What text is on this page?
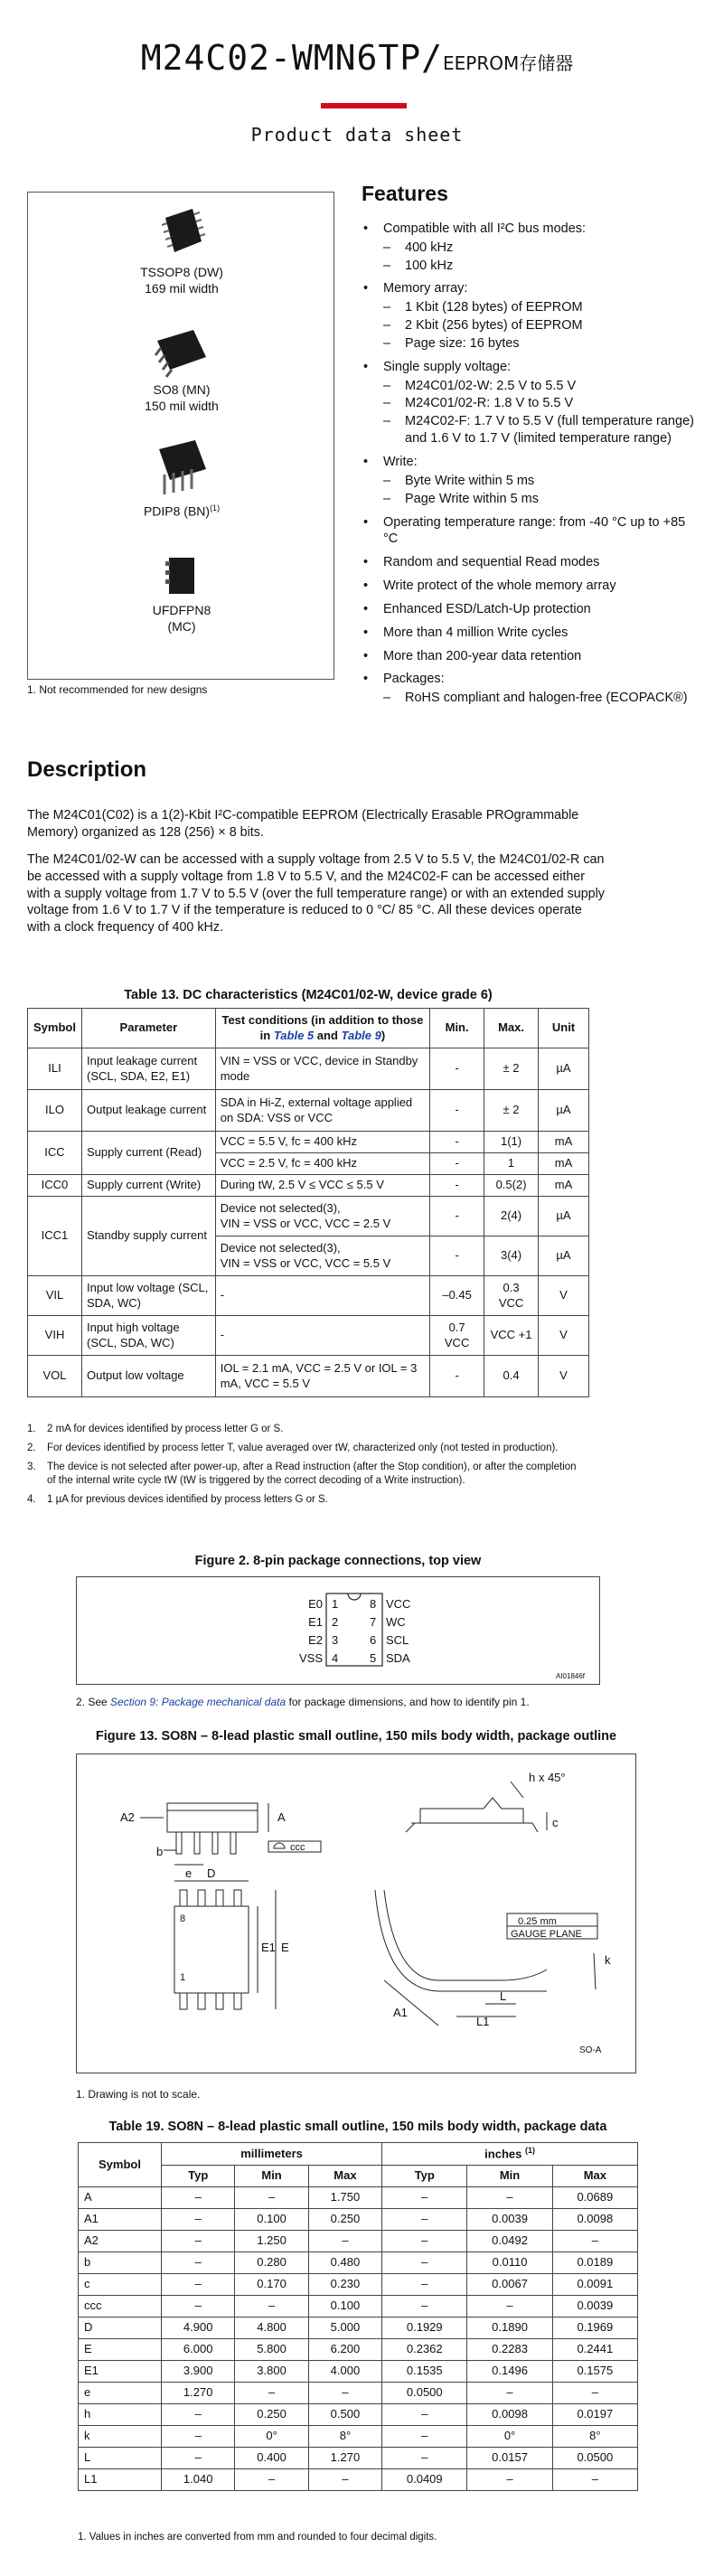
M24C02-WMN6TP/EEPROM存储器
Product data sheet
TSSOP8 (DW)
169 mil width
SO8 (MN)
150 mil width
PDIP8 (BN)$^{(1)}$
UFDFPN8
(MC)
1. Not recommended for new designs
Features
• Compatible with all I²C bus modes:
– 400 kHz
– 100 kHz
• Memory array:
– 1 Kbit (128 bytes) of EEPROM
– 2 Kbit (256 bytes) of EEPROM
– Page size: 16 bytes
• Single supply voltage:
– M24C01/02-W: 2.5 V to 5.5 V
– M24C01/02-R: 1.8 V to 5.5 V
– M24C02-F: 1.7 V to 5.5 V (full temperature range) and 1.6 V to 1.7 V (limited temperature range)
• Write:
– Byte Write within 5 ms
– Page Write within 5 ms
• Operating temperature range: from -40 °C up to +85 °C
• Random and sequential Read modes
• Write protect of the whole memory array
• Enhanced ESD/Latch-Up protection
• More than 4 million Write cycles
• More than 200-year data retention
• Packages:
– RoHS compliant and halogen-free (ECOPACK®)
Description

The M24C01(C02) is a 1(2)-Kbit I²C-compatible EEPROM (Electrically Erasable PROgrammable Memory) organized as 128 (256) × 8 bits.

The M24C01/02-W can be accessed with a supply voltage from 2.5 V to 5.5 V, the M24C01/02-R can be accessed with a supply voltage from 1.8 V to 5.5 V, and the M24C02-F can be accessed either with a supply voltage from 1.7 V to 5.5 V (over the full temperature range) or with an extended supply voltage from 1.6 V to 1.7 V if the temperature is reduced to 0 °C/ 85 °C. All these devices operate with a clock frequency of 400 kHz.

Table 13. DC characteristics (M24C01/02-W, device grade 6)
Symbol	Parameter	Test conditions (in addition to those in Table 5 and Table 9)	Min.	Max.	Unit
ILI	Input leakage current (SCL, SDA, E2, E1)	VIN = VSS or VCC, device in Standby mode	-	± 2	µA
ILO	Output leakage current	SDA in Hi-Z, external voltage applied on SDA: VSS or VCC	-	± 2	µA
ICC	Supply current (Read)	VCC = 5.5 V, fc = 400 kHz	-	1(1)	mA
		VCC = 2.5 V, fc = 400 kHz	-	1	mA
ICC0	Supply current (Write)	During tW, 2.5 V ≤ VCC ≤ 5.5 V	-	0.5(2)	mA
ICC1	Standby supply current	Device not selected(3),
VIN = VSS or VCC, VCC = 2.5 V	-	2(4)	µA

		Device not selected(3),
VIN = VSS or VCC, VCC = 5.5 V	-	3(4)	µA
VIL	Input low voltage (SCL, SDA, WC)	-	–0.45	0.3 VCC	V
VIH	Input high voltage (SCL, SDA, WC)	-	0.7 VCC	VCC +1	V
VOL	Output low voltage	IOL = 2.1 mA, VCC = 2.5 V or IOL = 3 mA, VCC = 5.5 V	-	0.4	V
1. 2 mA for devices identified by process letter G or S.
2. For devices identified by process letter T, value averaged over tW, characterized only (not tested in production).
3. The device is not selected after power-up, after a Read instruction (after the Stop condition), or after the completion of the internal write cycle tW (tW is triggered by the correct decoding of a Write instruction).
4. 1 µA for previous devices identified by process letters G or S.
Figure 2. 8-pin package connections, top view
E0
E1
E2
VSS
1
2
3
4
8
7
6
5
VCC
WC
SCL
SDA
AI01846f
2. See Section 9: Package mechanical data for package dimensions, and how to identify pin 1.
Figure 13. SO8N – 8-lead plastic small outline, 150 mils body width, package outline
A2	A
b
e
ccc
h x 45°
c
D
8
1
E1 E
0.25 mm
GAUGE PLANE
k
A1
L
L1
SO-A
1. Drawing is not to scale.
Table 19. SO8N – 8-lead plastic small outline, 150 mils body width, package data
Symbol	millimeters			inches $^{(1)}$
	Typ	Min	Max	Typ	Min	Max
A	–	–	1.750	–	–	0.0689
A1	–	0.100	0.250	–	0.0039	0.0098
A2	–	1.250	–	–	0.0492	–
b	–	0.280	0.480	–	0.0110	0.0189
c	–	0.170	0.230	–	0.0067	0.0091
ccc	–	–	0.100	–	–	0.0039
D	4.900	4.800	5.000	0.1929	0.1890	0.1969
E	6.000	5.800	6.200	0.2362	0.2283	0.2441
E1	3.900	3.800	4.000	0.1535	0.1496	0.1575
e	1.270	–	–	0.0500	–	–
h	–	0.250	0.500	–	0.0098	0.0197
k	–	0°	8°	–	0°	8°
L	–	0.400	1.270	–	0.0157	0.0500
L1	1.040	–	–	0.0409	–	–
1. Values in inches are converted from mm and rounded to four decimal digits.
